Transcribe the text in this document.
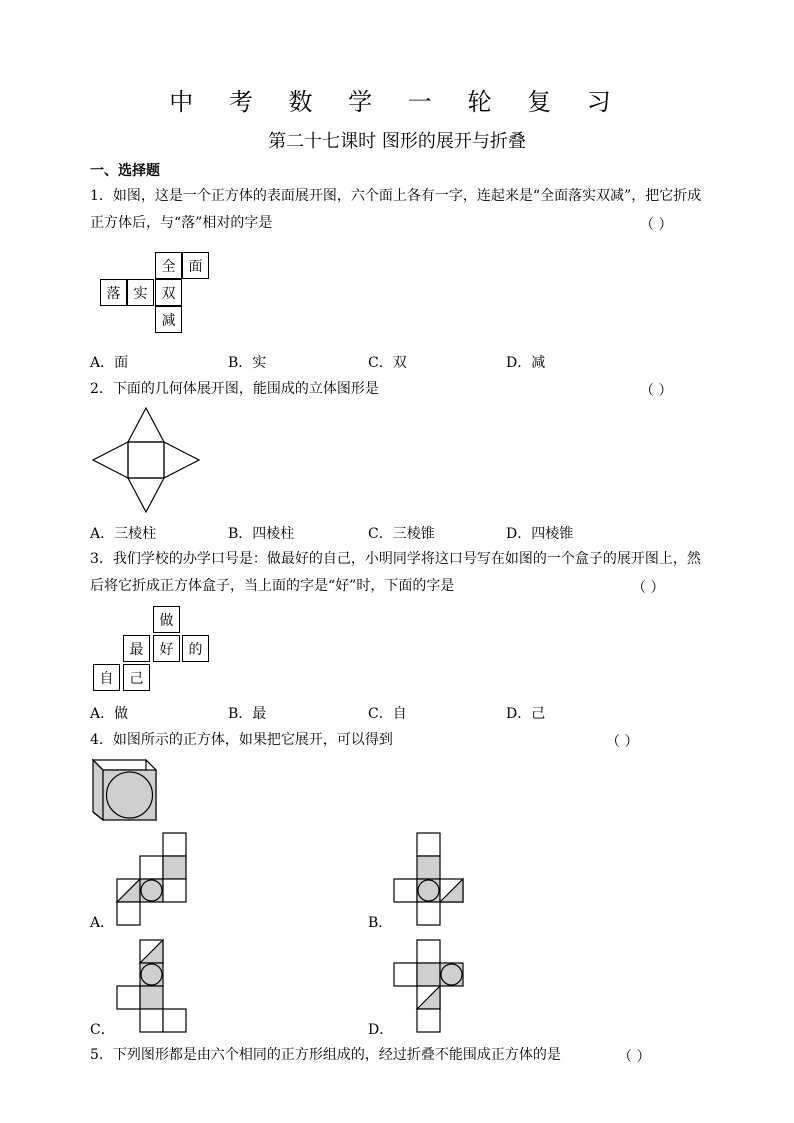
中 考 数 学 一 轮 复 习
第二十七课时 图形的展开与折叠
一、选择题
1．如图，这是一个正方体的表面展开图，六个面上各有一字，连起来是“全面落实双减”，把它折成
正方体后，与“落”相对的字是	（ ）
全 面
落 实	双
减
A．面	B．实	C．双	D．减
2．下面的几何体展开图，能围成的立体图形是	（ ）
A．三棱柱	B．四棱柱	C．三棱锥	D．四棱锥
3．我们学校的办学口号是：做最好的自己，小明同学将这口号写在如图的一个盒子的展开图上，然
后将它折成正方体盒子，当上面的字是“好”时，下面的字是	（ ）
做
最	好	的
自	己
A．做	B．最	C．自	D．己
4．如图所示的正方体，如果把它展开，可以得到	（ ）
A．	B．
C．	D．
5．下列图形都是由六个相同的正方形组成的，经过折叠不能围成正方体的是	（ ）
